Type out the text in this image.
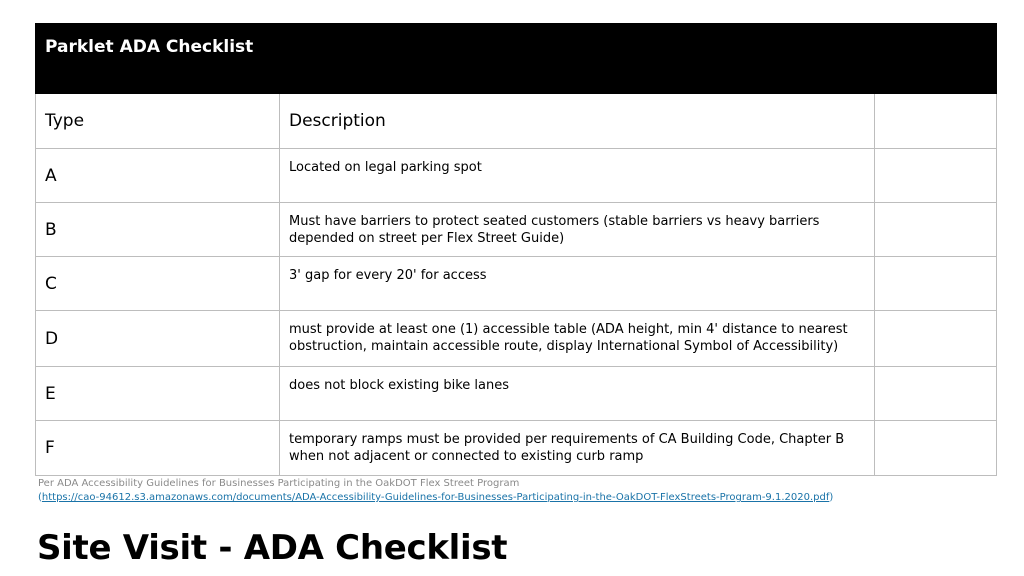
Parklet ADA Checklist		
Type	Description	
A	Located on legal parking spot	
B	Must have barriers to protect seated customers (stable barriers vs heavy barriers depended on street per Flex Street Guide)	
C	3' gap for every 20' for access	
D	must provide at least one (1) accessible table (ADA height, min 4' distance to nearest obstruction, maintain accessible route, display International Symbol of Accessibility)	
E	does not block existing bike lanes	
F	temporary ramps must be provided per requirements of CA Building Code, Chapter B when not adjacent or connected to existing curb ramp	
Per ADA Accessibility Guidelines for Businesses Participating in the OakDOT Flex Street Program
(https://cao-94612.s3.amazonaws.com/documents/ADA-Accessibility-Guidelines-for-Businesses-Participating-in-the-OakDOT-FlexStreets-Program-9.1.2020.pdf)
Site Visit - ADA Checklist
